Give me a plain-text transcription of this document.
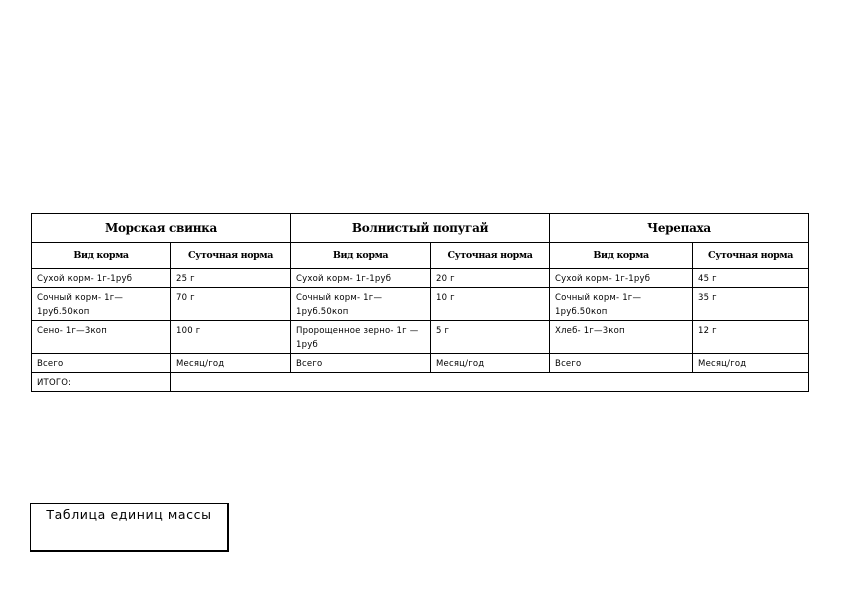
Морская свинка		Волнистый попугай		Черепаха	
Вид корма	Суточная норма	Вид корма	Суточная норма	Вид корма	Суточная норма
Сухой корм- 1г-1руб	25 г	Сухой корм- 1г-1руб	20 г	Сухой корм- 1г-1руб	45 г
Сочный корм- 1г—1руб.50коп	70 г	Сочный корм- 1г—1руб.50коп	10 г	Сочный корм- 1г—1руб.50коп	35 г
Сено- 1г—3коп	100 г	Пророщенное зерно- 1г —1руб	5 г	Хлеб- 1г—3коп	12 г
Всего	Месяц/год	Всего	Месяц/год	Всего	Месяц/год
ИТОГО:					
Таблица единиц массы
